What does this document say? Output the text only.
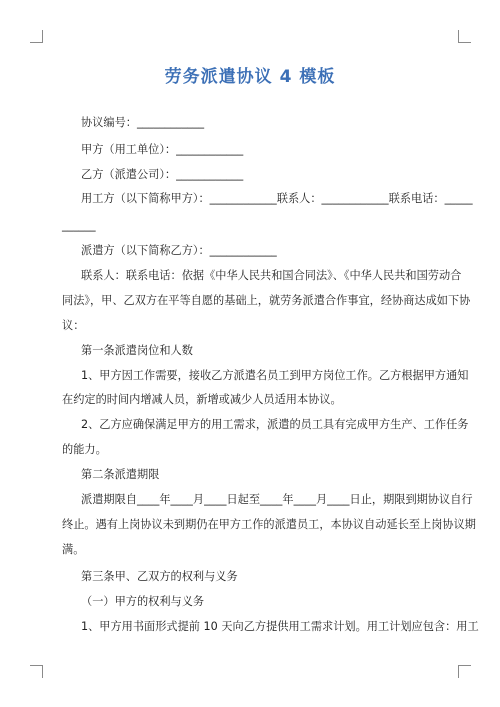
劳务派遣协议 4 模板
协议编号：____________
甲方（用工单位）：____________
乙方（派遣公司）：____________
用工方（以下简称甲方）：____________联系人：____________联系电话：_____
______
派遣方（以下简称乙方）：____________
联系人：联系电话：依据《中华人民共和国合同法》、《中华人民共和国劳动合
同法》，甲、乙双方在平等自愿的基础上，就劳务派遣合作事宜，经协商达成如下协
议：
第一条派遣岗位和人数
1、甲方因工作需要，接收乙方派遣名员工到甲方岗位工作。乙方根据甲方通知
在约定的时间内增减人员，新增或减少人员适用本协议。
2、乙方应确保满足甲方的用工需求，派遣的员工具有完成甲方生产、工作任务
的能力。
第二条派遣期限
派遣期限自____年____月____日起至____年____月____日止，期限到期协议自行
终止。遇有上岗协议未到期仍在甲方工作的派遣员工，本协议自动延长至上岗协议期
满。
第三条甲、乙双方的权利与义务
（一）甲方的权利与义务
1、甲方用书面形式提前 10 天向乙方提供用工需求计划。用工计划应包含：用工
